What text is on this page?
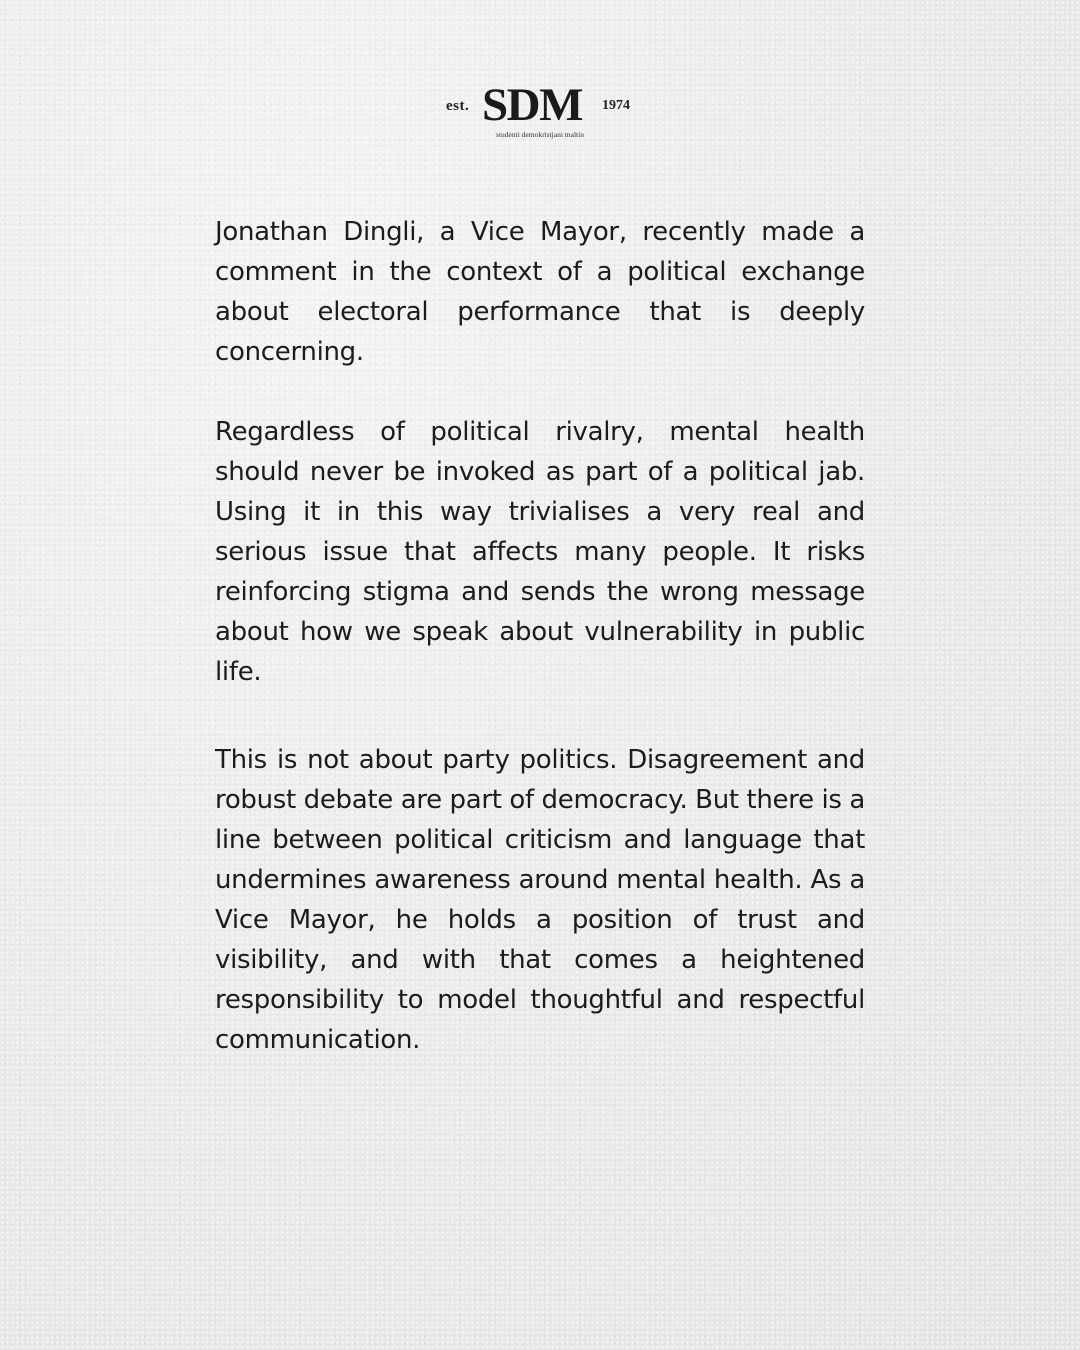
est. SDM 1974
studenti demokristjani maltin

Jonathan Dingli, a Vice Mayor, recently made a comment in the context of a political exchange about electoral performance that is deeply concerning.

Regardless of political rivalry, mental health should never be invoked as part of a political jab. Using it in this way trivialises a very real and serious issue that affects many people. It risks reinforcing stigma and sends the wrong message about how we speak about vulnerability in public life.

This is not about party politics. Disagreement and robust debate are part of democracy. But there is a line between political criticism and language that undermines awareness around mental health. As a Vice Mayor, he holds a position of trust and visibility, and with that comes a heightened responsibility to model thoughtful and respectful communication.
